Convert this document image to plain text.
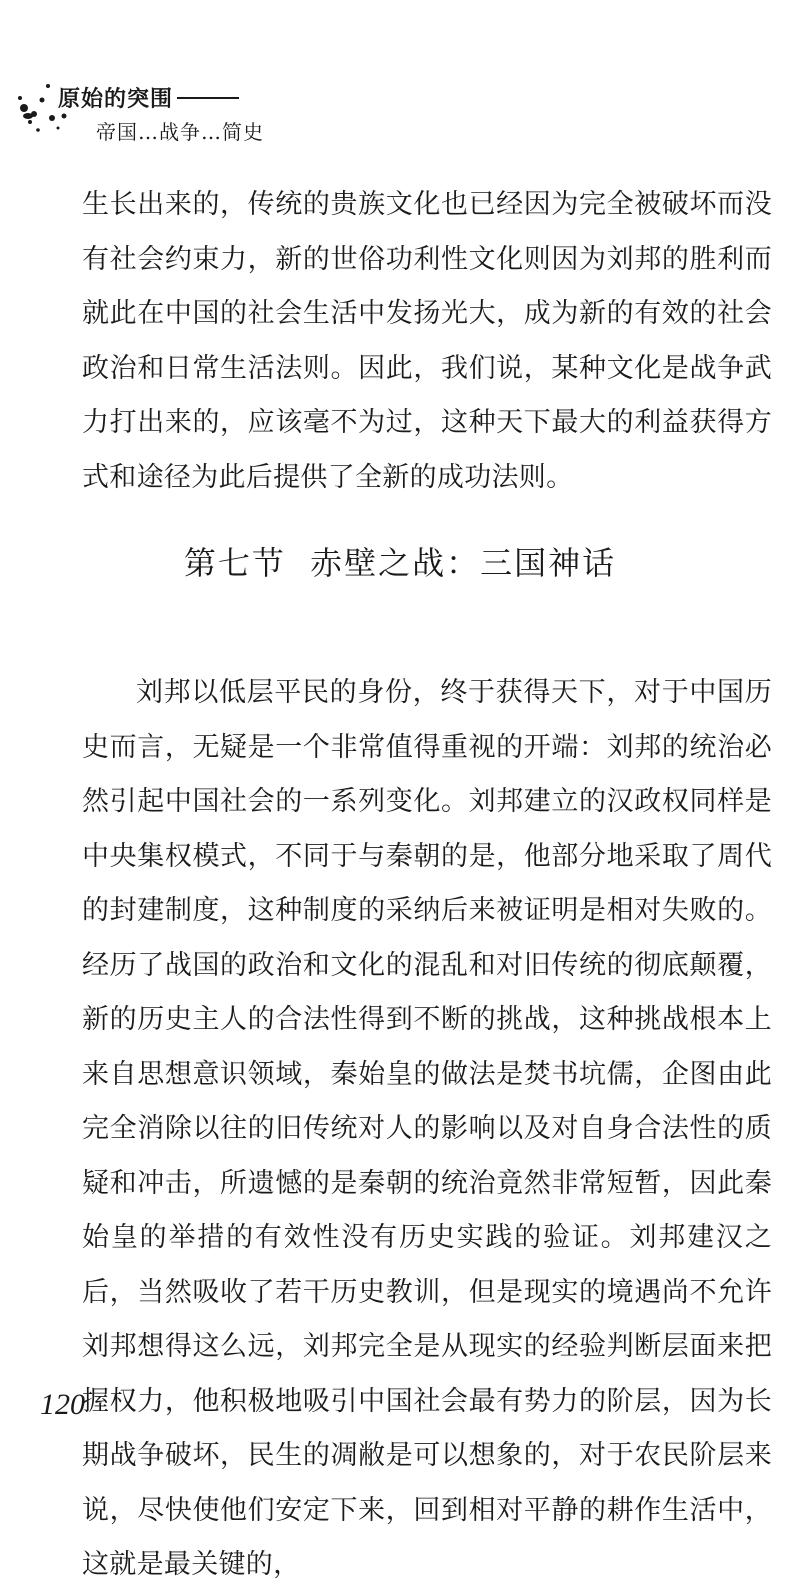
原始的突围
帝国…战争…简史
生长出来的，传统的贵族文化也已经因为完全被破坏而没有社会约束力，新的世俗功利性文化则因为刘邦的胜利而就此在中国的社会生活中发扬光大，成为新的有效的社会政治和日常生活法则。因此，我们说，某种文化是战争武力打出来的，应该毫不为过，这种天下最大的利益获得方式和途径为此后提供了全新的成功法则。
第七节  赤壁之战：三国神话
刘邦以低层平民的身份，终于获得天下，对于中国历史而言，无疑是一个非常值得重视的开端：刘邦的统治必然引起中国社会的一系列变化。刘邦建立的汉政权同样是中央集权模式，不同于与秦朝的是，他部分地采取了周代的封建制度，这种制度的采纳后来被证明是相对失败的。经历了战国的政治和文化的混乱和对旧传统的彻底颠覆，新的历史主人的合法性得到不断的挑战，这种挑战根本上来自思想意识领域，秦始皇的做法是焚书坑儒，企图由此完全消除以往的旧传统对人的影响以及对自身合法性的质疑和冲击，所遗憾的是秦朝的统治竟然非常短暂，因此秦始皇的举措的有效性没有历史实践的验证。刘邦建汉之后，当然吸收了若干历史教训，但是现实的境遇尚不允许刘邦想得这么远，刘邦完全是从现实的经验判断层面来把握权力，他积极地吸引中国社会最有势力的阶层，因为长期战争破坏，民生的凋敝是可以想象的，对于农民阶层来说，尽快使他们安定下来，回到相对平静的耕作生活中，这就是最关键的，
120
